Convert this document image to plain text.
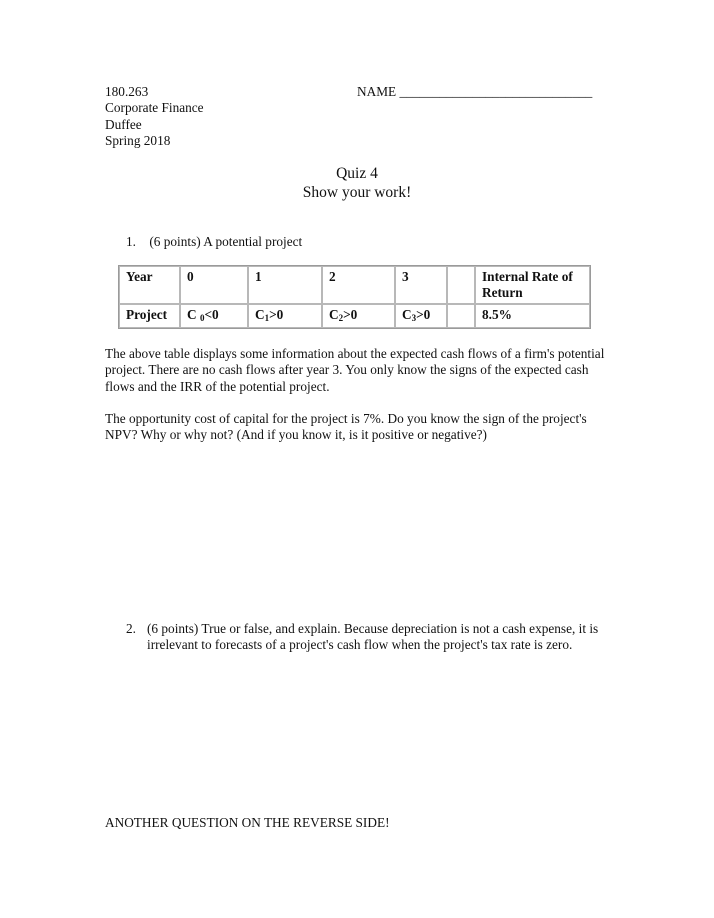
180.263
Corporate Finance
Duffee
Spring 2018
NAME _____________________________
Quiz 4
Show your work!
1. (6 points) A potential project
Year	0	1	2	3		Internal Rate of Return

Project	C $_0$<0	$C_1>0$	$C_2>0$	$C_3>0$		8.5%
The above table displays some information about the expected cash flows of a firm's potential project. There are no cash flows after year 3. You only know the signs of the expected cash flows and the IRR of the potential project.
The opportunity cost of capital for the project is 7%. Do you know the sign of the project's NPV? Why or why not? (And if you know it, is it positive or negative?)
2. (6 points) True or false, and explain. Because depreciation is not a cash expense, it is irrelevant to forecasts of a project's cash flow when the project's tax rate is zero.
ANOTHER QUESTION ON THE REVERSE SIDE!
